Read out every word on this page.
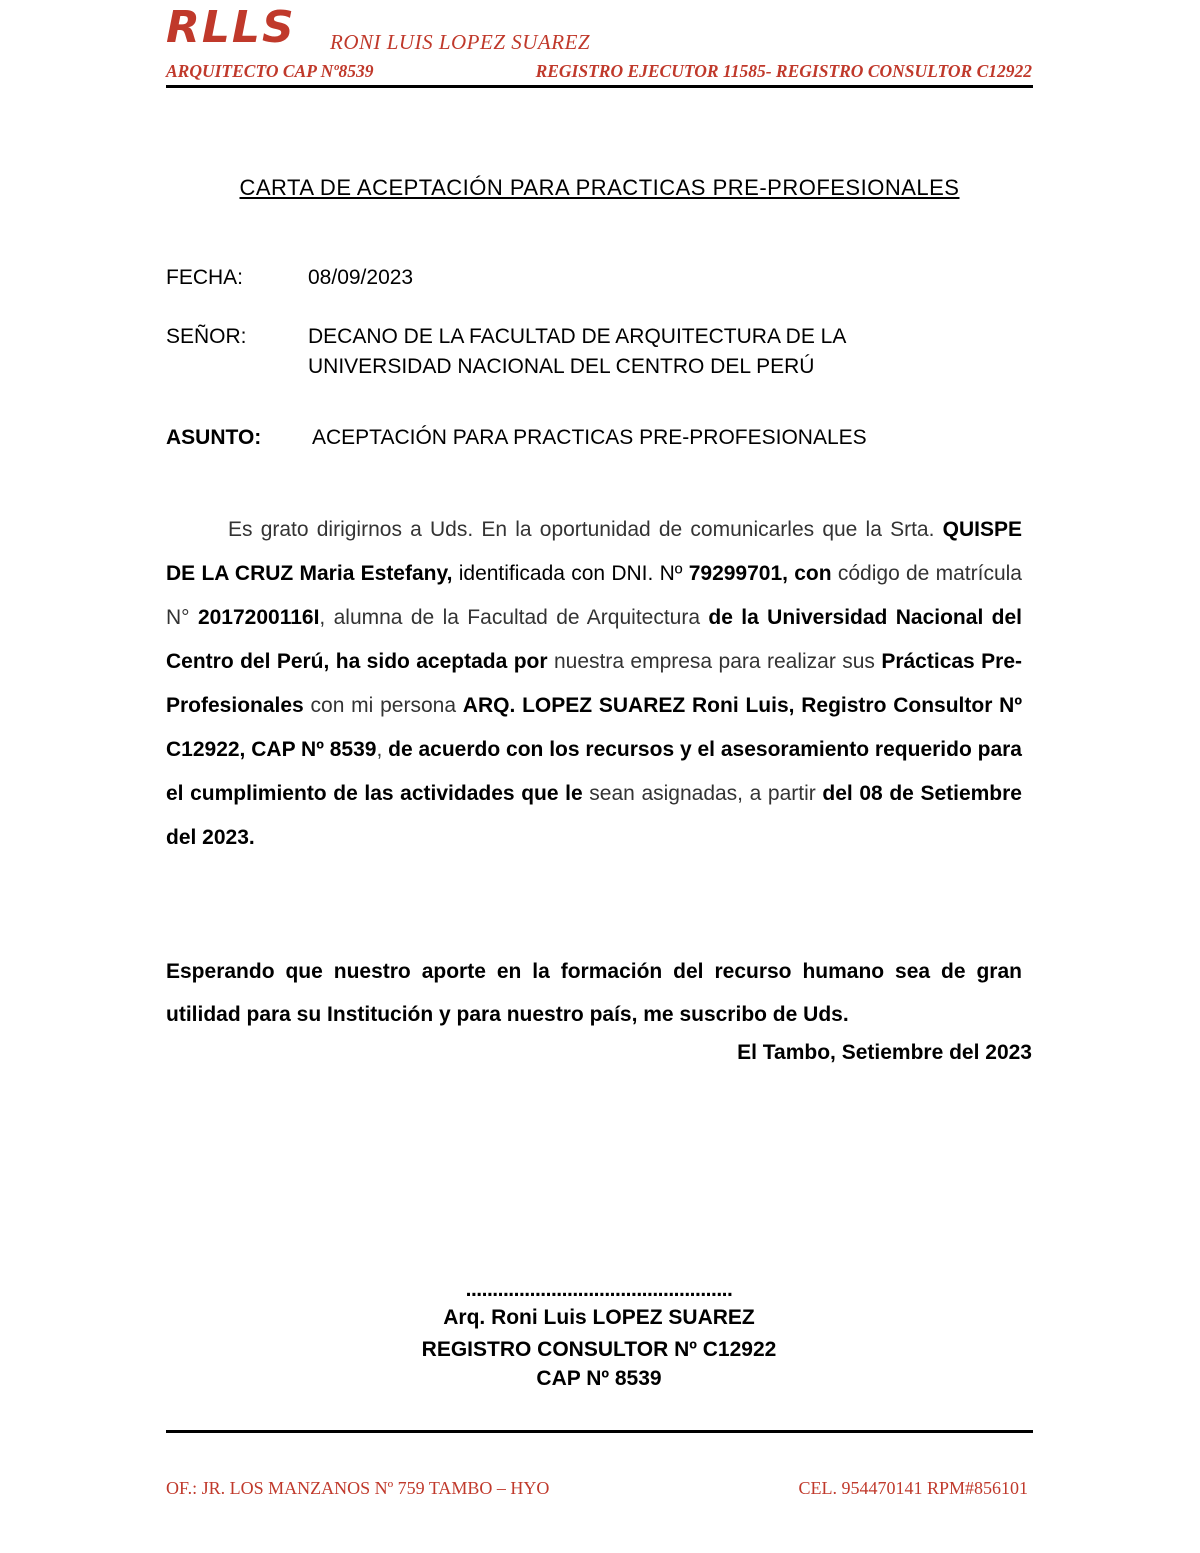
RLLS RONI LUIS LOPEZ SUAREZ
ARQUITECTO CAP Nº8539	REGISTRO EJECUTOR 11585- REGISTRO CONSULTOR C12922
CARTA DE ACEPTACIÓN PARA PRACTICAS PRE-PROFESIONALES
FECHA:	08/09/2023
SEÑOR:	DECANO DE LA FACULTAD DE ARQUITECTURA DE LA
UNIVERSIDAD NACIONAL DEL CENTRO DEL PERÚ
ASUNTO: ACEPTACIÓN PARA PRACTICAS PRE-PROFESIONALES
Es grato dirigirnos a Uds. En la oportunidad de comunicarles que la Srta. QUISPE DE LA CRUZ Maria Estefany, identificada con DNI. Nº 79299701, con código de matrícula N° 2017200116I, alumna de la Facultad de Arquitectura de la Universidad Nacional del Centro del Perú, ha sido aceptada por nuestra empresa para realizar sus Prácticas Pre-Profesionales con mi persona ARQ. LOPEZ SUAREZ Roni Luis, Registro Consultor Nº C12922, CAP Nº 8539, de acuerdo con los recursos y el asesoramiento requerido para el cumplimiento de las actividades que le sean asignadas, a partir del 08 de Setiembre del 2023.
Esperando que nuestro aporte en la formación del recurso humano sea de gran utilidad para su Institución y para nuestro país, me suscribo de Uds.
El Tambo, Setiembre del 2023
..................................................
Arq. Roni Luis LOPEZ SUAREZ
REGISTRO CONSULTOR Nº C12922
CAP Nº 8539
OF.: JR. LOS MANZANOS Nº 759 TAMBO – HYO	CEL. 954470141 RPM#856101
